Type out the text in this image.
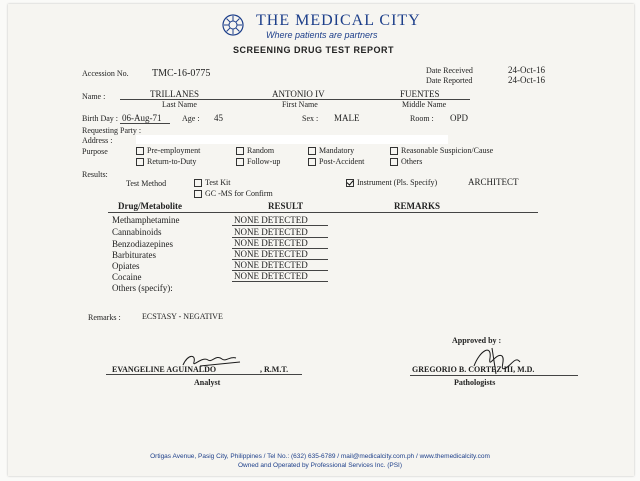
THE MEDICAL CITY
Where patients are partners
SCREENING DRUG TEST REPORT
Accession No. TMC-16-0775	Date Received	24-Oct-16
Date Reported	24-Oct-16
Name :	TRILLANES	ANTONIO IV	FUENTES
Last Name	First Name	Middle Name
Birth Day : 06-Aug-71	Age : 45	Sex : MALE	Room : OPD
Requesting Party :
Address :
Purpose	Pre-employment	Random	Mandatory	Reasonable Suspicion/Cause
Return-to-Duty	Follow-up	Post-Accident	Others
Results:
Test Method	Test Kit
GC -MS for Confirm
Instrument (Pls. Specify)	ARCHITECT
Drug/Metabolite	RESULT	REMARKS
Methamphetamine	NONE DETECTED
Cannabinoids	NONE DETECTED
Benzodiazepines	NONE DETECTED
Barbiturates	NONE DETECTED
Opiates	NONE DETECTED
Cocaine	NONE DETECTED
Others (specify):
Remarks :	ECSTASY - NEGATIVE
Approved by :
EVANGELINE AGUINALDO	, R.M.T.
Analyst
GREGORIO B. CORTEZ III, M.D.
Pathologists
Ortigas Avenue, Pasig City, Philippines / Tel No.: (632) 635-6789 / mail@medicalcity.com.ph / www.themedicalcity.com
Owned and Operated by Professional Services Inc. (PSI)
